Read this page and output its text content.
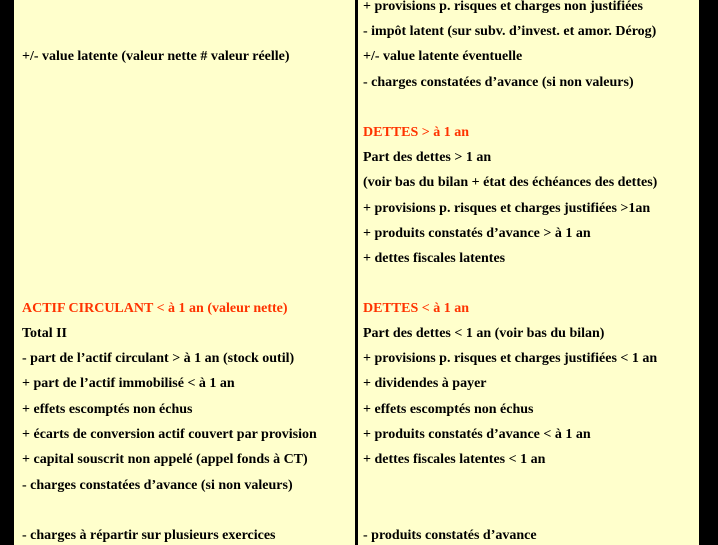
+/- value latente (valeur nette # valeur réelle)
ACTIF CIRCULANT < à 1 an (valeur nette)
Total II
- part de l’actif circulant > à 1 an (stock outil)
+ part de l’actif immobilisé < à 1 an
+ effets escomptés non échus
+ écarts de conversion actif couvert par provision
+ capital souscrit non appelé (appel fonds à CT)
- charges constatées d’avance (si non valeurs)
- charges à répartir sur plusieurs exercices
+ provisions p. risques et charges non justifiées
- impôt latent (sur subv. d’invest. et amor. Dérog)
+/- value latente éventuelle
- charges constatées d’avance (si non valeurs)
DETTES > à 1 an
Part des dettes > 1 an
(voir bas du bilan + état des échéances des dettes)
+ provisions p. risques et charges justifiées >1an
+ produits constatés d’avance > à 1 an
+ dettes fiscales latentes
DETTES < à 1 an
Part des dettes < 1 an (voir bas du bilan)
+ provisions p. risques et charges justifiées < 1 an
+ dividendes à payer
+ effets escomptés non échus
+ produits constatés d’avance < à 1 an
+ dettes fiscales latentes < 1 an
- produits constatés d’avance
